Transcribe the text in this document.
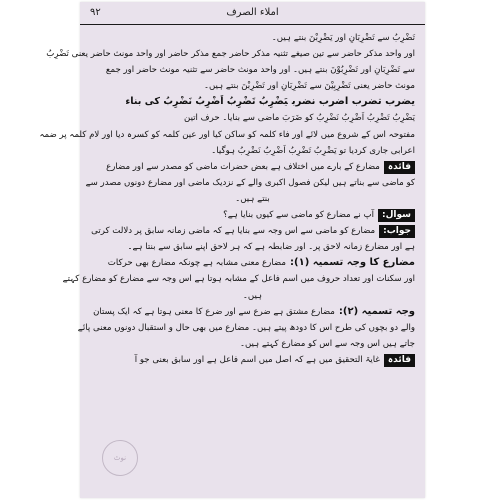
۹۲	املاء الصرف
تَضْرِبُ سے تَضْرِبَانِ اور یَضْرِبْنَ بنتے ہیں۔
اور واحد مذکر حاضر سے تین صیغے تثنیہ مذکر حاضر جمع مذکر حاضر اور واحد مونث حاضر یعنی تَضْرِبُ
سے تَضْرِبَانِ اور تَضْرِبُوْنَ بنتے ہیں۔ اور واحد مونث حاضر سے تثنیہ مونث حاضر اور جمع
مونث حاضر یعنی تَضْرِبِیْنَ سے تَضْرِبَانِ اور تَضْرِبْنَ بنتے ہیں۔
یضرب تضرب اضرب نضربیَضْرِبُ تَضْرِبُ اَضْرِبُ نَضْرِبُ کی بناء
یَضْرِبُ تَضْرِبُ اَضْرِبُ نَضْرِبُ کو ضَرَبَ ماضی سے بنایا۔ حرف اتین
مفتوحہ اس کے شروع میں لائے اور فاء کلمہ کو ساکن کیا اور عین کلمہ کو کسرہ دیا اور لام کلمہ پر ضمہ
اعرابی جاری کردیا تو یَضْرِبُ تَضْرِبُ اَضْرِبُ نَضْرِبُ ہوگیا۔
فائدہمضارع کے بارے میں اختلاف ہے بعض حضرات ماضی کو مصدر سے اور مضارع
کو ماضی سے بناتے ہیں لیکن فصول اکبری والے کے نزدیک ماضی اور مضارع دونوں مصدر سے
بنتے ہیں۔
سوال:آپ نے مضارع کو ماضی سے کیوں بنایا ہے؟
جواب:مضارع کو ماضی سے اس وجہ سے بنایا ہے کہ ماضی زمانہ سابق پر دلالت کرتی
ہے اور مضارع زمانہ لاحق پر۔ اور ضابطہ ہے کہ ہر لاحق اپنے سابق سے بنتا ہے۔
مضارع کا وجہ تسمیہ (۱):مضارع معنی مشابہ ہے چونکہ مضارع بھی حرکات
اور سکنات اور تعداد حروف میں اسم فاعل کے مشابہ ہوتا ہے اس وجہ سے مضارع کو مضارع کہتے
ہیں۔
وجہ تسمیہ (۲):مضارع مشتق ہے ضرع سے اور ضرع کا معنی ہوتا ہے کہ ایک پستان
والے دو بچوں کی طرح اس کا دودھ پیتے ہیں۔ مضارع میں بھی حال و استقبال دونوں معنی پائے
جاتے ہیں اس وجہ سے اس کو مضارع کہتے ہیں۔
فائدہغایۃ التحقیق میں ہے کہ اصل میں اسم فاعل ہے اور سابق بعنی جو آ
نوٹ
